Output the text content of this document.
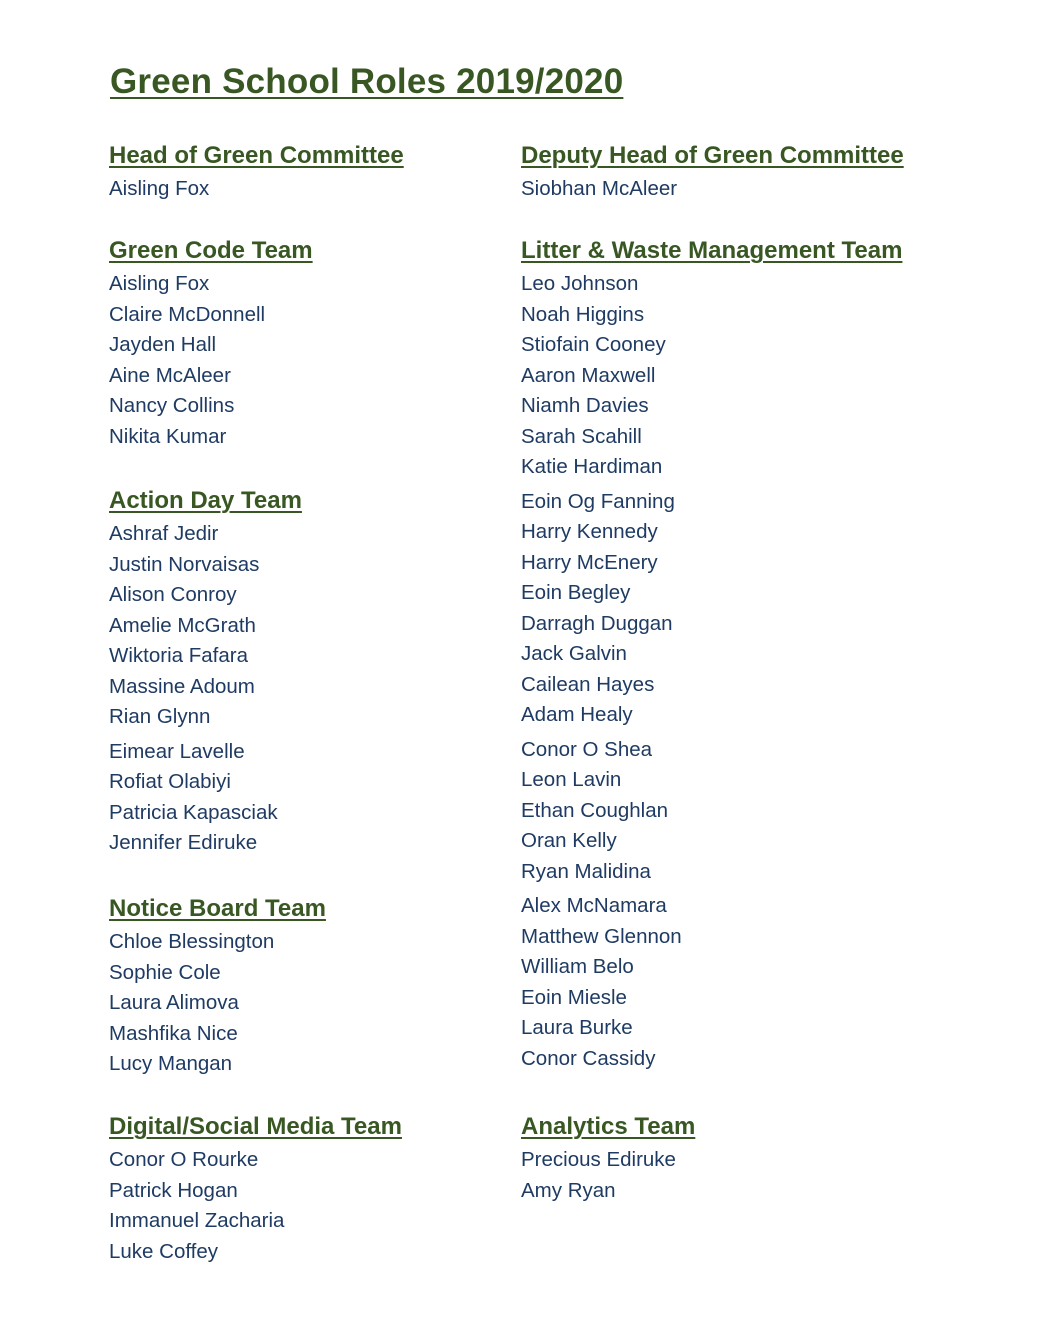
Green School Roles 2019/2020
Head of Green Committee
Aisling Fox
Deputy Head of Green Committee
Siobhan McAleer
Green Code Team
Aisling Fox
Claire McDonnell
Jayden Hall
Aine McAleer
Nancy Collins
Nikita Kumar
Litter & Waste Management Team
Leo Johnson
Noah Higgins
Stiofain Cooney
Aaron Maxwell
Niamh Davies
Sarah Scahill
Katie Hardiman
Eoin Og Fanning
Harry Kennedy
Harry McEnery
Eoin Begley
Darragh Duggan
Jack Galvin
Cailean Hayes
Adam Healy
Conor O Shea
Leon Lavin
Ethan Coughlan
Oran Kelly
Ryan Malidina
Alex McNamara
Matthew Glennon
William Belo
Eoin Miesle
Laura Burke
Conor Cassidy
Action Day Team
Ashraf Jedir
Justin Norvaisas
Alison Conroy
Amelie McGrath
Wiktoria Fafara
Massine Adoum
Rian Glynn
Eimear Lavelle
Rofiat Olabiyi
Patricia Kapasciak
Jennifer Ediruke
Notice Board Team
Chloe Blessington
Sophie Cole
Laura Alimova
Mashfika Nice
Lucy Mangan
Digital/Social Media Team
Conor O Rourke
Patrick Hogan
Immanuel Zacharia
Luke Coffey
Analytics Team
Precious Ediruke
Amy Ryan
